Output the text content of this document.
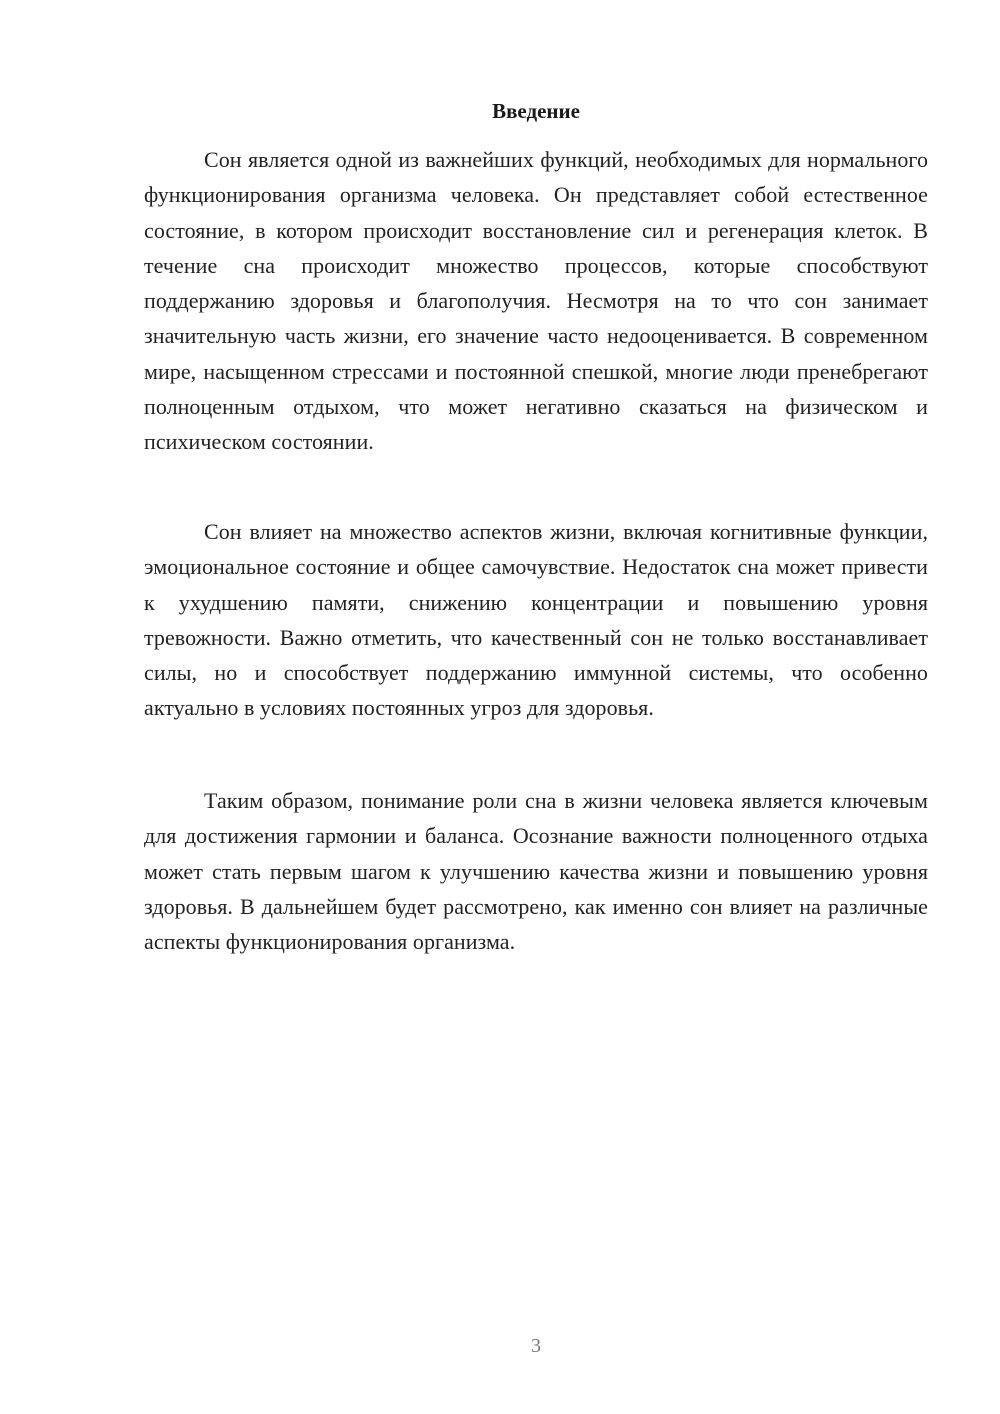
Введение

Сон является одной из важнейших функций, необходимых для нормального функционирования организма человека. Он представляет собой естественное состояние, в котором происходит восстановление сил и регенерация клеток. В течение сна происходит множество процессов, которые способствуют поддержанию здоровья и благополучия. Несмотря на то что сон занимает значительную часть жизни, его значение часто недооценивается. В современном мире, насыщенном стрессами и постоянной спешкой, многие люди пренебрегают полноценным отдыхом, что может негативно сказаться на физическом и психическом состоянии.

Сон влияет на множество аспектов жизни, включая когнитивные функции, эмоциональное состояние и общее самочувствие. Недостаток сна может привести к ухудшению памяти, снижению концентрации и повышению уровня тревожности. Важно отметить, что качественный сон не только восстанавливает силы, но и способствует поддержанию иммунной системы, что особенно актуально в условиях постоянных угроз для здоровья.

Таким образом, понимание роли сна в жизни человека является ключевым для достижения гармонии и баланса. Осознание важности полноценного отдыха может стать первым шагом к улучшению качества жизни и повышению уровня здоровья. В дальнейшем будет рассмотрено, как именно сон влияет на различные аспекты функционирования организма.

3
